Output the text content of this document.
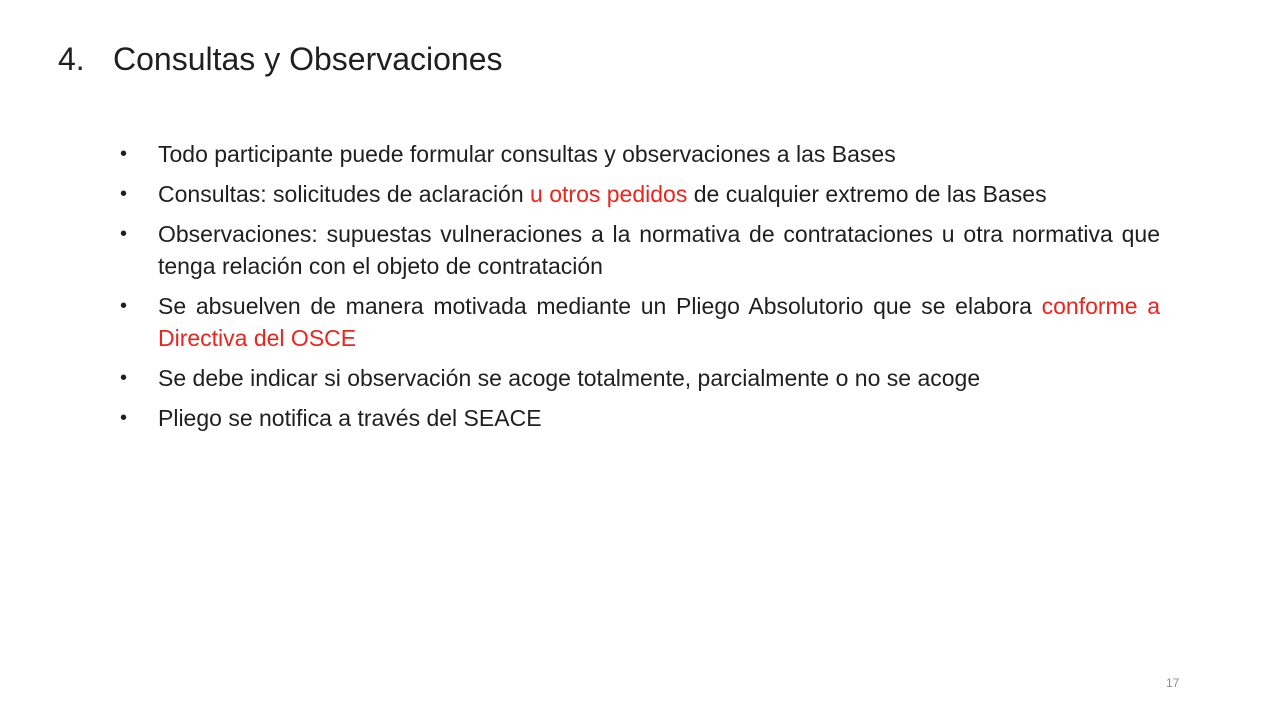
4. Consultas y Observaciones
• Todo participante puede formular consultas y observaciones a las Bases
• Consultas: solicitudes de aclaración u otros pedidos de cualquier extremo de las Bases
• Observaciones: supuestas vulneraciones a la normativa de contrataciones u otra normativa que tenga relación con el objeto de contratación
• Se absuelven de manera motivada mediante un Pliego Absolutorio que se elabora conforme a Directiva del OSCE
• Se debe indicar si observación se acoge totalmente, parcialmente o no se acoge
• Pliego se notifica a través del SEACE
17
